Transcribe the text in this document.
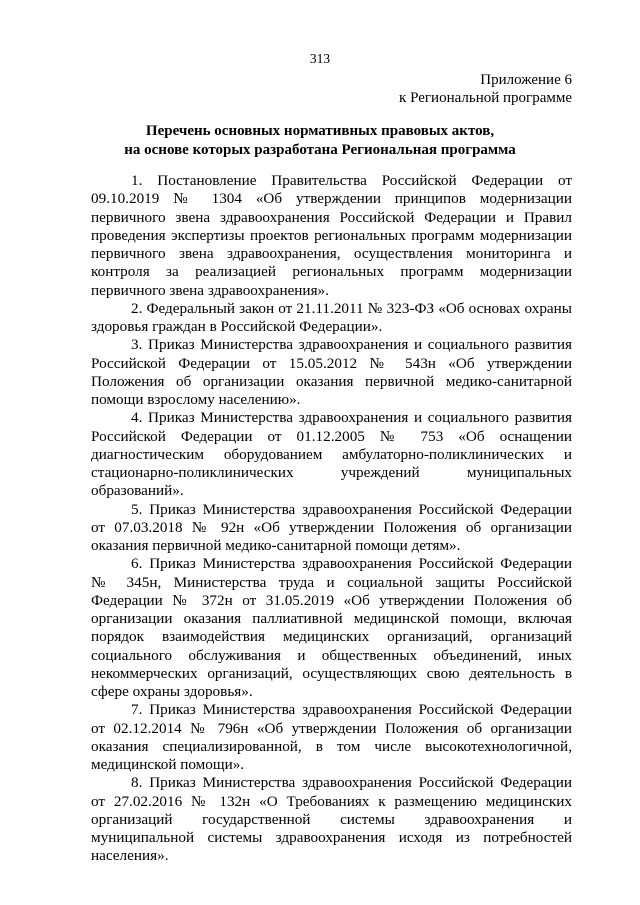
313
Приложение 6
к Региональной программе
Перечень основных нормативных правовых актов,
на основе которых разработана Региональная программа

1. Постановление Правительства Российской Федерации от 09.10.2019 № 1304 «Об утверждении принципов модернизации первичного звена здравоохранения Российской Федерации и Правил проведения экспертизы проектов региональных программ модернизации первичного звена здравоохранения, осуществления мониторинга и контроля за реализацией региональных программ модернизации первичного звена здравоохранения».

2. Федеральный закон от 21.11.2011 № 323-ФЗ «Об основах охраны здоровья граждан в Российской Федерации».

3. Приказ Министерства здравоохранения и социального развития Российской Федерации от 15.05.2012 № 543н «Об утверждении Положения об организации оказания первичной медико-санитарной помощи взрослому населению».

4. Приказ Министерства здравоохранения и социального развития Российской Федерации от 01.12.2005 № 753 «Об оснащении диагностическим оборудованием амбулаторно-поликлинических и стационарно-поликлинических учреждений муниципальных образований».

5. Приказ Министерства здравоохранения Российской Федерации от 07.03.2018 № 92н «Об утверждении Положения об организации оказания первичной медико-санитарной помощи детям».

6. Приказ Министерства здравоохранения Российской Федерации № 345н, Министерства труда и социальной защиты Российской Федерации № 372н от 31.05.2019 «Об утверждении Положения об организации оказания паллиативной медицинской помощи, включая порядок взаимодействия медицинских организаций, организаций социального обслуживания и общественных объединений, иных некоммерческих организаций, осуществляющих свою деятельность в сфере охраны здоровья».

7. Приказ Министерства здравоохранения Российской Федерации от 02.12.2014 № 796н «Об утверждении Положения об организации оказания специализированной, в том числе высокотехнологичной, медицинской помощи».

8. Приказ Министерства здравоохранения Российской Федерации от 27.02.2016 № 132н «О Требованиях к размещению медицинских организаций государственной системы здравоохранения и муниципальной системы здравоохранения исходя из потребностей населения».
